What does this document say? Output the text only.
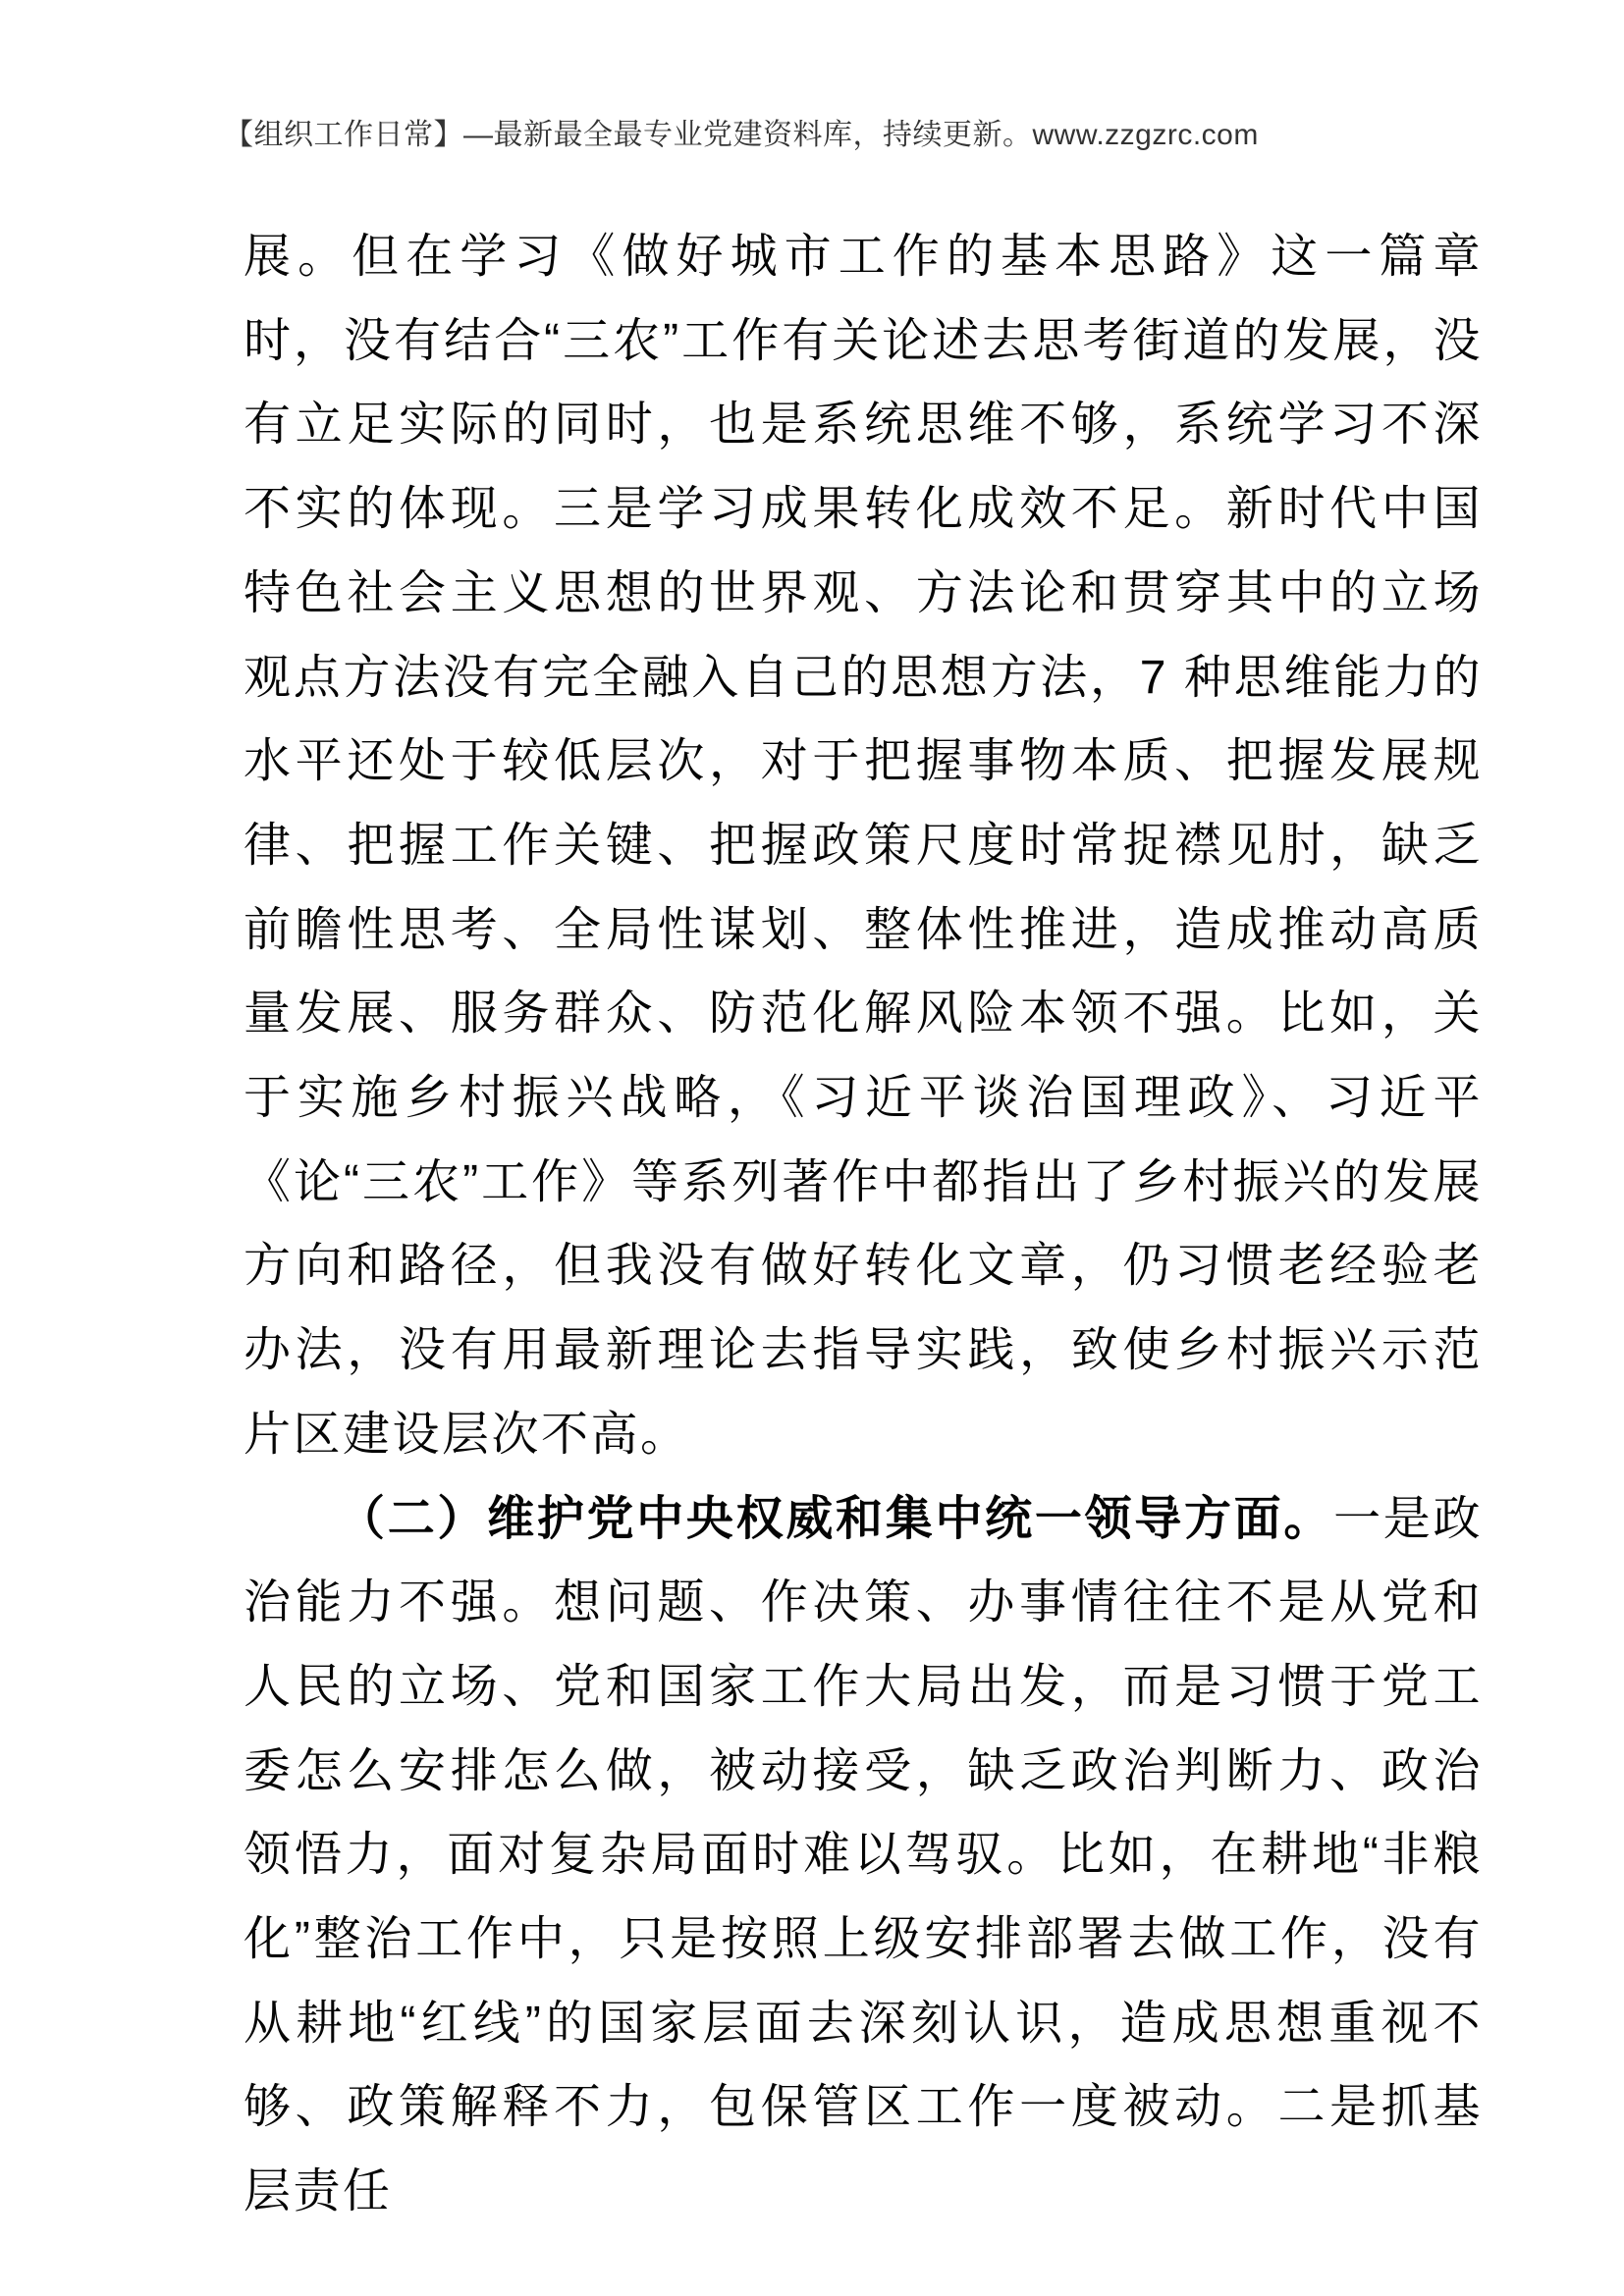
【组织工作日常】—最新最全最专业党建资料库，持续更新。www.zzgzrc.com

展。但在学习《做好城市工作的基本思路》这一篇章时，没有结合“三农”工作有关论述去思考街道的发展，没有立足实际的同时，也是系统思维不够，系统学习不深不实的体现。三是学习成果转化成效不足。新时代中国特色社会主义思想的世界观、方法论和贯穿其中的立场观点方法没有完全融入自己的思想方法，7 种思维能力的水平还处于较低层次，对于把握事物本质、把握发展规律、把握工作关键、把握政策尺度时常捉襟见肘，缺乏前瞻性思考、全局性谋划、整体性推进，造成推动高质量发展、服务群众、防范化解风险本领不强。比如，关于实施乡村振兴战略，《习近平谈治国理政》、习近平《论“三农”工作》等系列著作中都指出了乡村振兴的发展方向和路径，但我没有做好转化文章，仍习惯老经验老办法，没有用最新理论去指导实践，致使乡村振兴示范片区建设层次不高。

（二）维护党中央权威和集中统一领导方面。一是政治能力不强。想问题、作决策、办事情往往不是从党和人民的立场、党和国家工作大局出发，而是习惯于党工委怎么安排怎么做，被动接受，缺乏政治判断力、政治领悟力，面对复杂局面时难以驾驭。比如，在耕地“非粮化”整治工作中，只是按照上级安排部署去做工作，没有从耕地“红线”的国家层面去深刻认识，造成思想重视不够、政策解释不力，包保管区工作一度被动。二是抓基层责任
